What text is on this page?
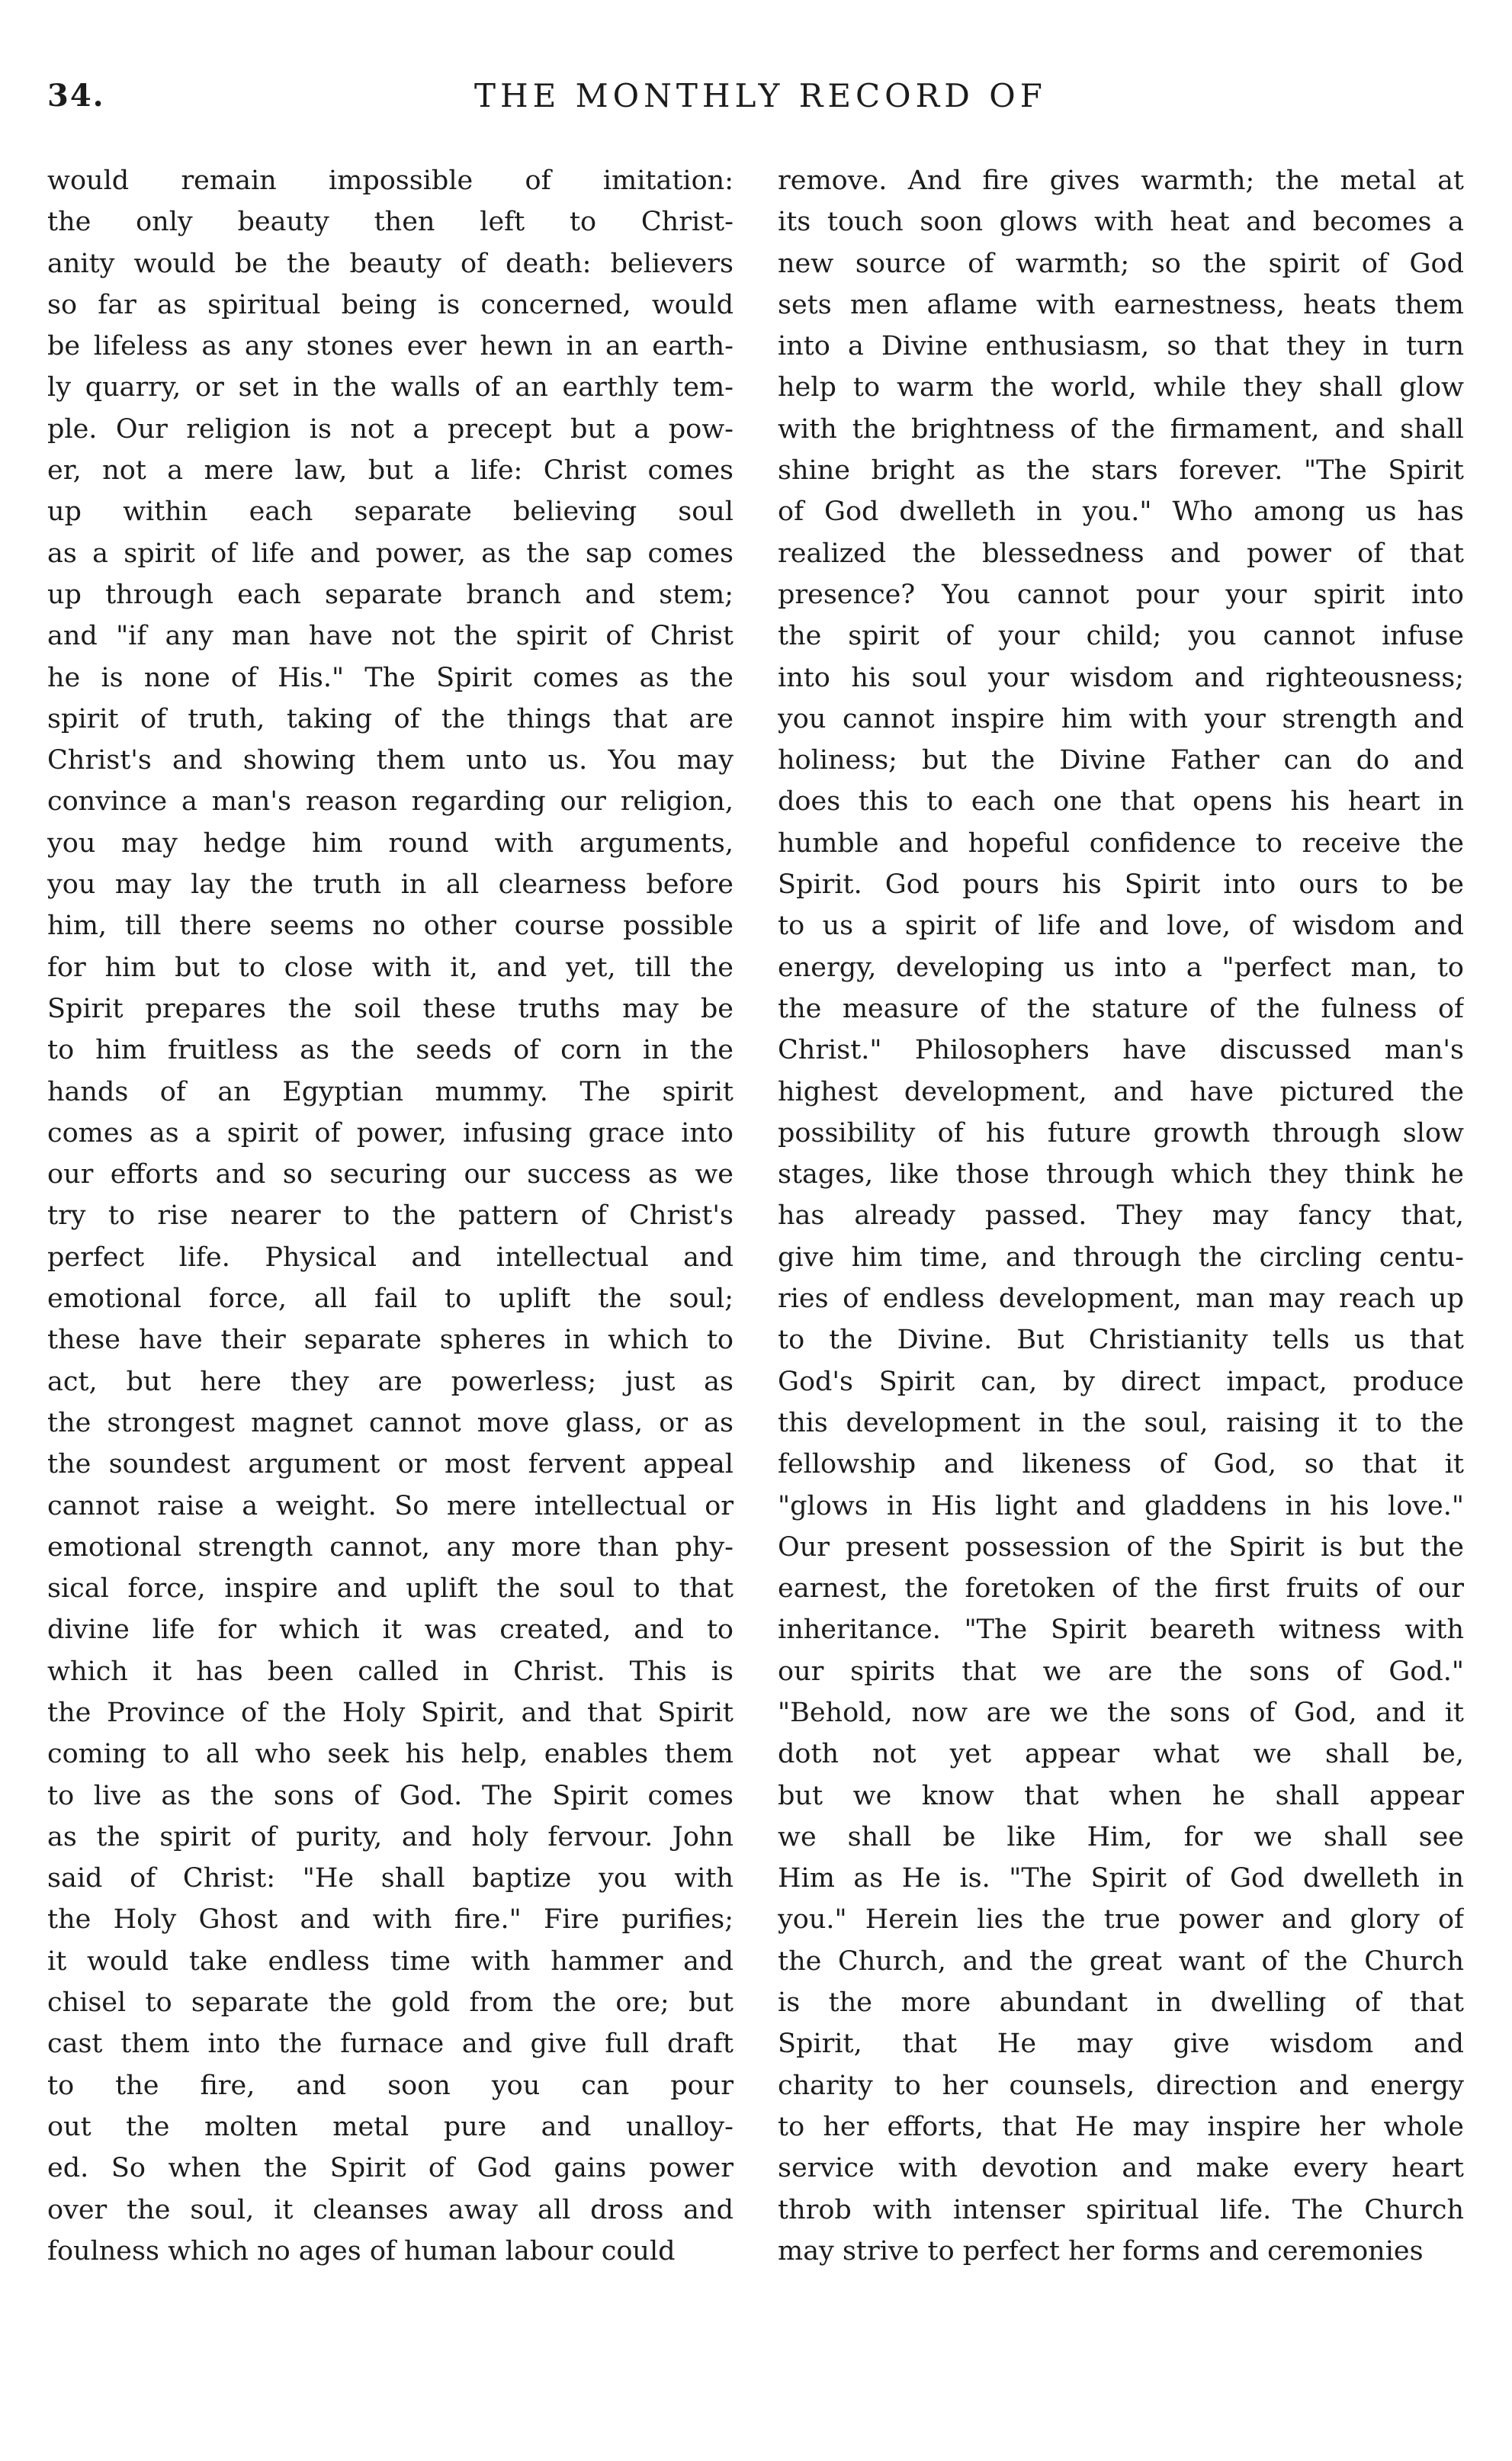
34.	THE MONTHLY RECORD OF
would remain impossible of imitation:
the only beauty then left to Christ-
anity would be the beauty of death: believers
so far as spiritual being is concerned, would
be lifeless as any stones ever hewn in an earth-
ly quarry, or set in the walls of an earthly tem-
ple. Our religion is not a precept but a pow-
er, not a mere law, but a life: Christ comes
up within each separate believing soul
as a spirit of life and power, as the sap comes
up through each separate branch and stem;
and "if any man have not the spirit of Christ
he is none of His." The Spirit comes as the
spirit of truth, taking of the things that are
Christ's and showing them unto us. You may
convince a man's reason regarding our religion,
you may hedge him round with arguments,
you may lay the truth in all clearness before
him, till there seems no other course possible
for him but to close with it, and yet, till the
Spirit prepares the soil these truths may be
to him fruitless as the seeds of corn in the
hands of an Egyptian mummy. The spirit
comes as a spirit of power, infusing grace into
our efforts and so securing our success as we
try to rise nearer to the pattern of Christ's
perfect life. Physical and intellectual and
emotional force, all fail to uplift the soul;
these have their separate spheres in which to
act, but here they are powerless; just as
the strongest magnet cannot move glass, or as
the soundest argument or most fervent appeal
cannot raise a weight. So mere intellectual or
emotional strength cannot, any more than phy-
sical force, inspire and uplift the soul to that
divine life for which it was created, and to
which it has been called in Christ. This is
the Province of the Holy Spirit, and that Spirit
coming to all who seek his help, enables them
to live as the sons of God. The Spirit comes
as the spirit of purity, and holy fervour. John
said of Christ: "He shall baptize you with
the Holy Ghost and with fire." Fire purifies;
it would take endless time with hammer and
chisel to separate the gold from the ore; but
cast them into the furnace and give full draft
to the fire, and soon you can pour
out the molten metal pure and unalloy-
ed. So when the Spirit of God gains power
over the soul, it cleanses away all dross and
foulness which no ages of human labour could
remove. And fire gives warmth; the metal at
its touch soon glows with heat and becomes a
new source of warmth; so the spirit of God
sets men aflame with earnestness, heats them
into a Divine enthusiasm, so that they in turn
help to warm the world, while they shall glow
with the brightness of the firmament, and shall
shine bright as the stars forever. "The Spirit
of God dwelleth in you." Who among us has
realized the blessedness and power of that
presence? You cannot pour your spirit into
the spirit of your child; you cannot infuse
into his soul your wisdom and righteousness;
you cannot inspire him with your strength and
holiness; but the Divine Father can do and
does this to each one that opens his heart in
humble and hopeful confidence to receive the
Spirit. God pours his Spirit into ours to be
to us a spirit of life and love, of wisdom and
energy, developing us into a "perfect man, to
the measure of the stature of the fulness of
Christ." Philosophers have discussed man's
highest development, and have pictured the
possibility of his future growth through slow
stages, like those through which they think he
has already passed. They may fancy that,
give him time, and through the circling centu-
ries of endless development, man may reach up
to the Divine. But Christianity tells us that
God's Spirit can, by direct impact, produce
this development in the soul, raising it to the
fellowship and likeness of God, so that it
"glows in His light and gladdens in his love."
Our present possession of the Spirit is but the
earnest, the foretoken of the first fruits of our
inheritance. "The Spirit beareth witness with
our spirits that we are the sons of God."
"Behold, now are we the sons of God, and it
doth not yet appear what we shall be,
but we know that when he shall appear
we shall be like Him, for we shall see
Him as He is. "The Spirit of God dwelleth in
you." Herein lies the true power and glory of
the Church, and the great want of the Church
is the more abundant in dwelling of that
Spirit, that He may give wisdom and
charity to her counsels, direction and energy
to her efforts, that He may inspire her whole
service with devotion and make every heart
throb with intenser spiritual life. The Church
may strive to perfect her forms and ceremonies
